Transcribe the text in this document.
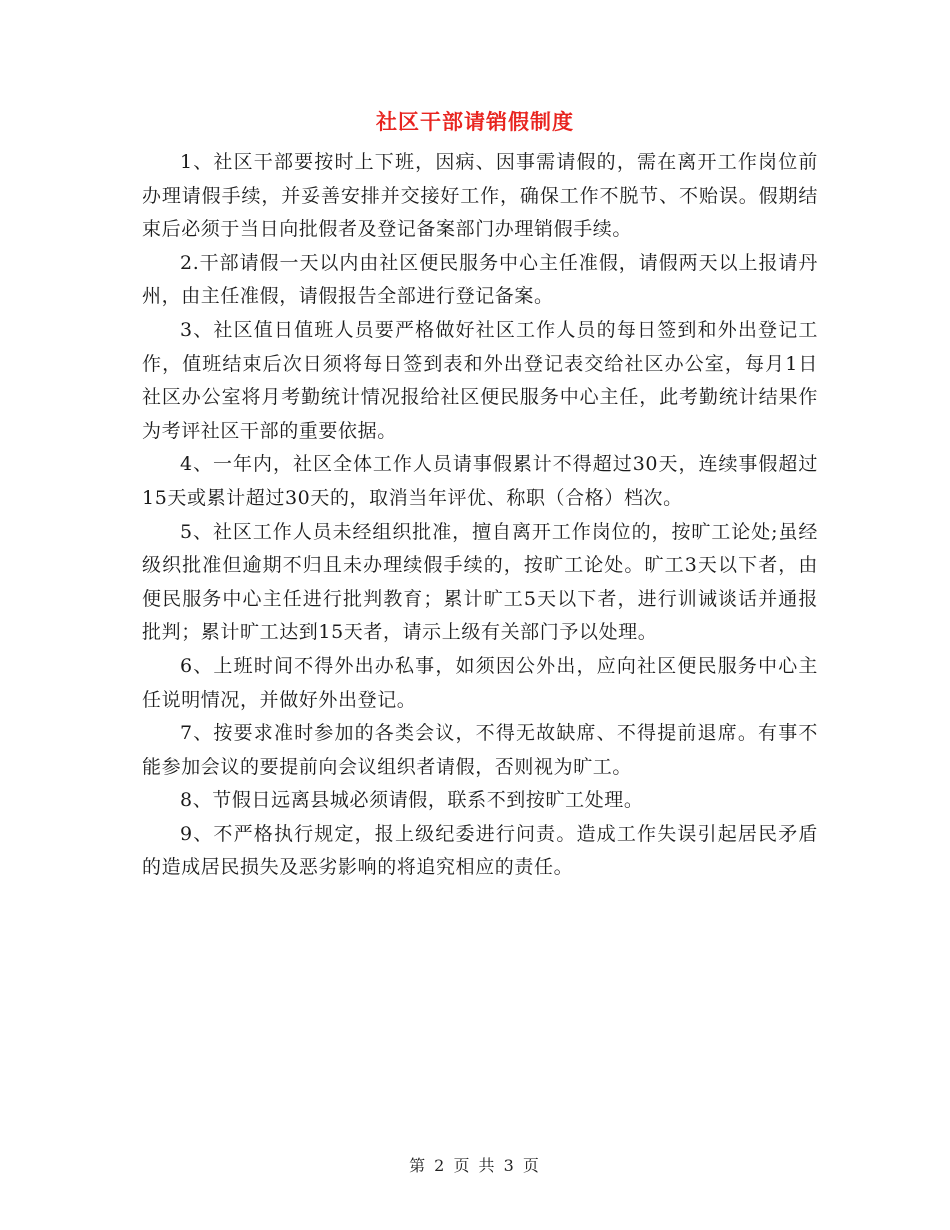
社区干部请销假制度

1、社区干部要按时上下班，因病、因事需请假的，需在离开工作岗位前办理请假手续，并妥善安排并交接好工作，确保工作不脱节、不贻误。假期结束后必须于当日向批假者及登记备案部门办理销假手续。

2.干部请假一天以内由社区便民服务中心主任准假，请假两天以上报请丹州，由主任准假，请假报告全部进行登记备案。

3、社区值日值班人员要严格做好社区工作人员的每日签到和外出登记工作，值班结束后次日须将每日签到表和外出登记表交给社区办公室，每月1日社区办公室将月考勤统计情况报给社区便民服务中心主任，此考勤统计结果作为考评社区干部的重要依据。

4、一年内，社区全体工作人员请事假累计不得超过30天，连续事假超过15天或累计超过30天的，取消当年评优、称职（合格）档次。

5、社区工作人员未经组织批准，擅自离开工作岗位的，按旷工论处;虽经级织批准但逾期不归且未办理续假手续的，按旷工论处。旷工3天以下者，由便民服务中心主任进行批判教育；累计旷工5天以下者，进行训诫谈话并通报批判；累计旷工达到15天者，请示上级有关部门予以处理。

6、上班时间不得外出办私事，如须因公外出，应向社区便民服务中心主任说明情况，并做好外出登记。

7、按要求准时参加的各类会议，不得无故缺席、不得提前退席。有事不能参加会议的要提前向会议组织者请假，否则视为旷工。

8、节假日远离县城必须请假，联系不到按旷工处理。

9、不严格执行规定，报上级纪委进行问责。造成工作失误引起居民矛盾的造成居民损失及恶劣影响的将追究相应的责任。

第 2 页 共 3 页
